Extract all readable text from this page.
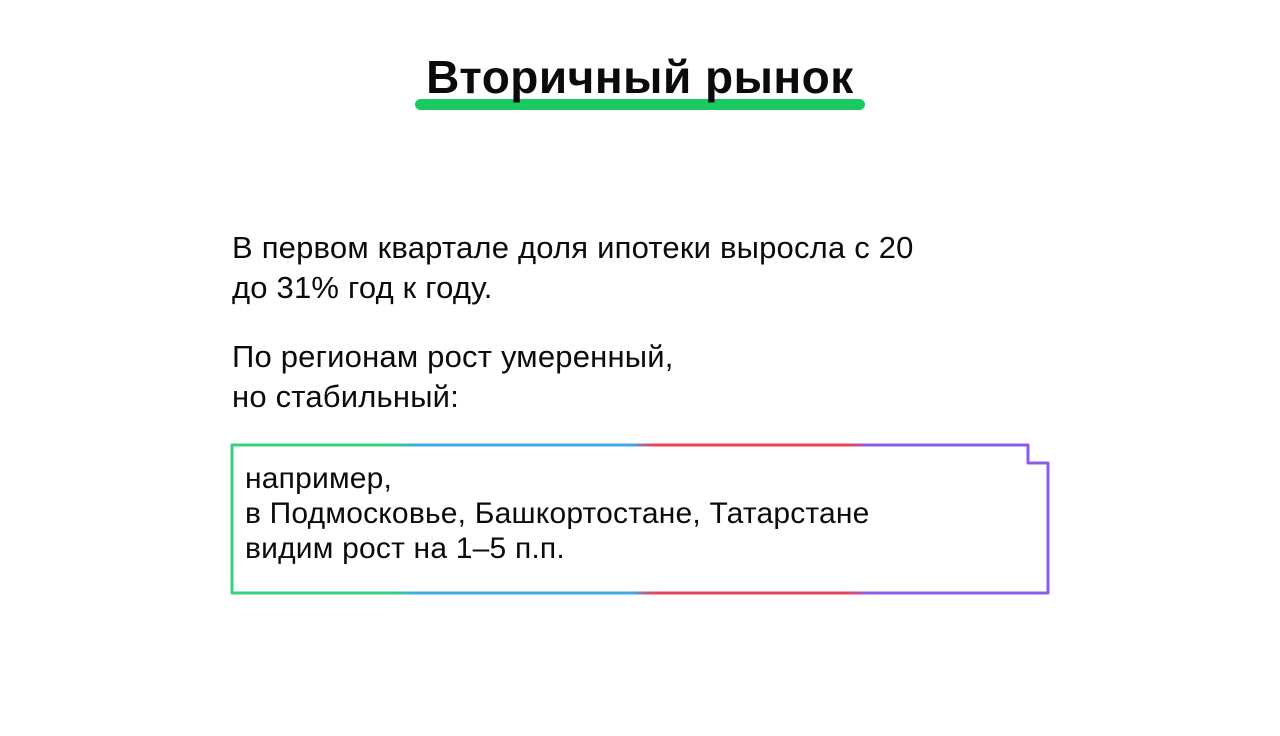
Вторичный рынок
В первом квартале доля ипотеки выросла с 20
до 31% год к году.
По регионам рост умеренный,
но стабильный:
например,
в Подмосковье, Башкортостане, Татарстане
видим рост на 1–5 п.п.
